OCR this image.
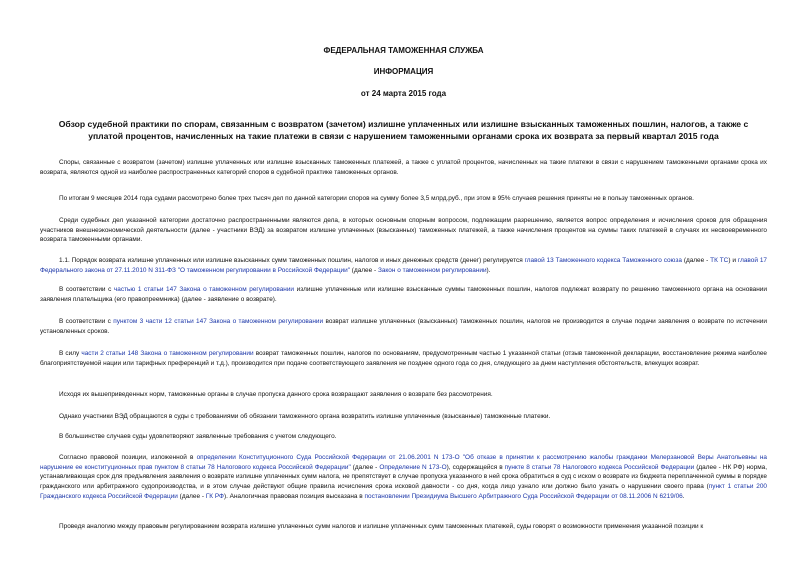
ФЕДЕРАЛЬНАЯ ТАМОЖЕННАЯ СЛУЖБА
ИНФОРМАЦИЯ
от 24 марта 2015 года
Обзор судебной практики по спорам, связанным с возвратом (зачетом) излишне уплаченных или излишне взысканных таможенных пошлин, налогов, а также с
уплатой процентов, начисленных на такие платежи в связи с нарушением таможенными органами срока их возврата за первый квартал 2015 года

Споры, связанные с возвратом (зачетом) излишне уплаченных или излишне взысканных таможенных платежей, а также с уплатой процентов, начисленных на такие платежи в связи с нарушением таможенными органами срока их возврата, являются одной из наиболее распространенных категорий споров в судебной практике таможенных органов.

По итогам 9 месяцев 2014 года судами рассмотрено более трех тысяч дел по данной категории споров на сумму более 3,5 млрд.руб., при этом в 95% случаев решения приняты не в пользу таможенных органов.

Среди судебных дел указанной категории достаточно распространенными являются дела, в которых основным спорным вопросом, подлежащим разрешению, является вопрос определения и исчисления сроков для обращения участников внешнеэкономической деятельности (далее - участники ВЭД) за возвратом излишне уплаченных (взысканных) таможенных платежей, а также начисления процентов на суммы таких платежей в случаях их несвоевременного возврата таможенными органами.

1.1. Порядок возврата излишне уплаченных или излишне взысканных сумм таможенных пошлин, налогов и иных денежных средств (денег) регулируется главой 13 Таможенного кодекса Таможенного союза (далее - ТК ТС) и главой 17 Федерального закона от 27.11.2010 N 311-ФЗ "О таможенном регулировании в Российской Федерации" (далее - Закон о таможенном регулировании).

В соответствии с частью 1 статьи 147 Закона о таможенном регулировании излишне уплаченные или излишне взысканные суммы таможенных пошлин, налогов подлежат возврату по решению таможенного органа на основании заявления плательщика (его правопреемника) (далее - заявление о возврате).

В соответствии с пунктом 3 части 12 статьи 147 Закона о таможенном регулировании возврат излишне уплаченных (взысканных) таможенных пошлин, налогов не производится в случае подачи заявления о возврате по истечении установленных сроков.

В силу части 2 статьи 148 Закона о таможенном регулировании возврат таможенных пошлин, налогов по основаниям, предусмотренным частью 1 указанной статьи (отзыв таможенной декларации, восстановление режима наиболее благоприятствуемой нации или тарифных преференций и т.д.), производится при подаче соответствующего заявления не позднее одного года со дня, следующего за днем наступления обстоятельств, влекущих возврат.

Исходя их вышеприведенных норм, таможенные органы в случае пропуска данного срока возвращают заявления о возврате без рассмотрения.

Однако участники ВЭД обращаются в суды с требованиями об обязании таможенного органа возвратить излишне уплаченные (взысканные) таможенные платежи.

В большинстве случаев суды удовлетворяют заявленные требования с учетом следующего.

Согласно правовой позиции, изложенной в определении Конституционного Суда Российской Федерации от 21.06.2001 N 173-О "Об отказе в принятии к рассмотрению жалобы гражданки Мелерзановой Веры Анатольевны на нарушение ее конституционных прав пунктом 8 статьи 78 Налогового кодекса Российской Федерации" (далее - Определение N 173-О), содержащейся в пункте 8 статьи 78 Налогового кодекса Российской Федерации (далее - НК РФ) норма, устанавливающая срок для предъявления заявления о возврате излишне уплаченных сумм налога, не препятствует в случае пропуска указанного в ней срока обратиться в суд с иском о возврате из бюджета переплаченной суммы в порядке гражданского или арбитражного судопроизводства, и в этом случае действуют общие правила исчисления срока исковой давности - со дня, когда лицо узнало или должно было узнать о нарушении своего права (пункт 1 статьи 200 Гражданского кодекса Российской Федерации (далее - ГК РФ). Аналогичная правовая позиция высказана в постановлении Президиума Высшего Арбитражного Суда Российской Федерации от 08.11.2006 N 6219/06.

Проведя аналогию между правовым регулированием возврата излишне уплаченных сумм налогов и излишне уплаченных сумм таможенных платежей, суды говорят о возможности применения указанной позиции к
